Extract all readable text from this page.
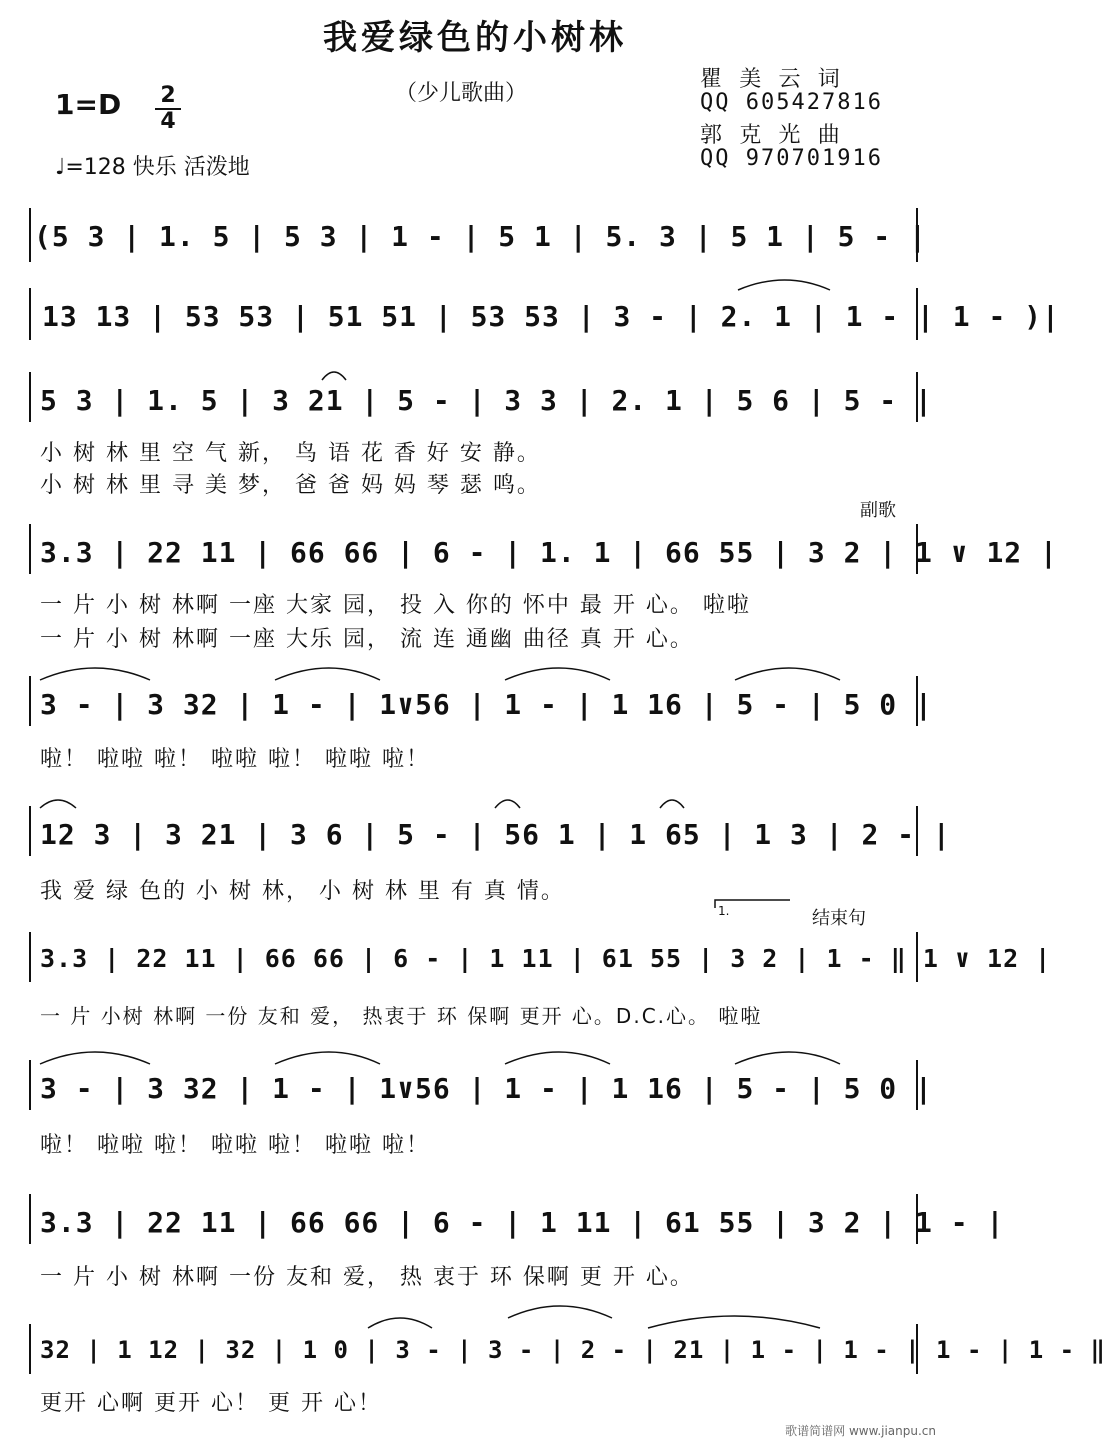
我爱绿色的小树林
（少儿歌曲）
瞿 美 云 词
QQ 605427816
郭 克 光 曲
QQ 970701916
1=D 2
4
♩=128 快乐 活泼地
(5 3 | 1. 5 | 5 3 | 1 - | 5 1 | 5. 3 | 5 1 | 5 - |
13 13 | 53 53 | 51 51 | 53 53 | 3 - | 2. 1 | 1 - | 1 - )|
5 3 | 1. 5 | 3 21 | 5 - | 3 3 | 2. 1 | 5 6 | 5 - |
小 树 林 里 空 气 新， 鸟 语 花 香 好 安 静。
小 树 林 里 寻 美 梦， 爸 爸 妈 妈 琴 瑟 鸣。
副歌
3.3 | 22 11 | 66 66 | 6 - | 1. 1 | 66 55 | 3 2 | 1 ∨ 12 |
一 片 小 树 林啊 一座 大家 园， 投 入 你的 怀中 最 开 心。 啦啦
一 片 小 树 林啊 一座 大乐 园， 流 连 通幽 曲径 真 开 心。
3 - | 3 32 | 1 - | 1∨56 | 1 - | 1 16 | 5 - | 5 0 |
啦！ 啦啦 啦！ 啦啦 啦！ 啦啦 啦！
12 3 | 3 21 | 3 6 | 5 - | 56 1 | 1 65 | 1 3 | 2 - |
我 爱 绿 色的 小 树 林， 小 树 林 里 有 真 情。
1.	结束句
3.3 | 22 11 | 66 66 | 6 - | 1 11 | 61 55 | 3 2 | 1 - ‖ 1 ∨ 12 |
一 片 小树 林啊 一份 友和 爱， 热衷于 环 保啊 更开 心。D.C.心。 啦啦
3 - | 3 32 | 1 - | 1∨56 | 1 - | 1 16 | 5 - | 5 0 |
啦！ 啦啦 啦！ 啦啦 啦！ 啦啦 啦！
3.3 | 22 11 | 66 66 | 6 - | 1 11 | 61 55 | 3 2 | 1 - |
一 片 小 树 林啊 一份 友和 爱， 热 衷于 环 保啊 更 开 心。
32 | 1 12 | 32 | 1 0 | 3 - | 3 - | 2 - | 21 | 1 - | 1 - | 1 - | 1 - ‖
更开 心啊 更开 心！ 更 开 心！
歌谱简谱网 www.jianpu.cn
